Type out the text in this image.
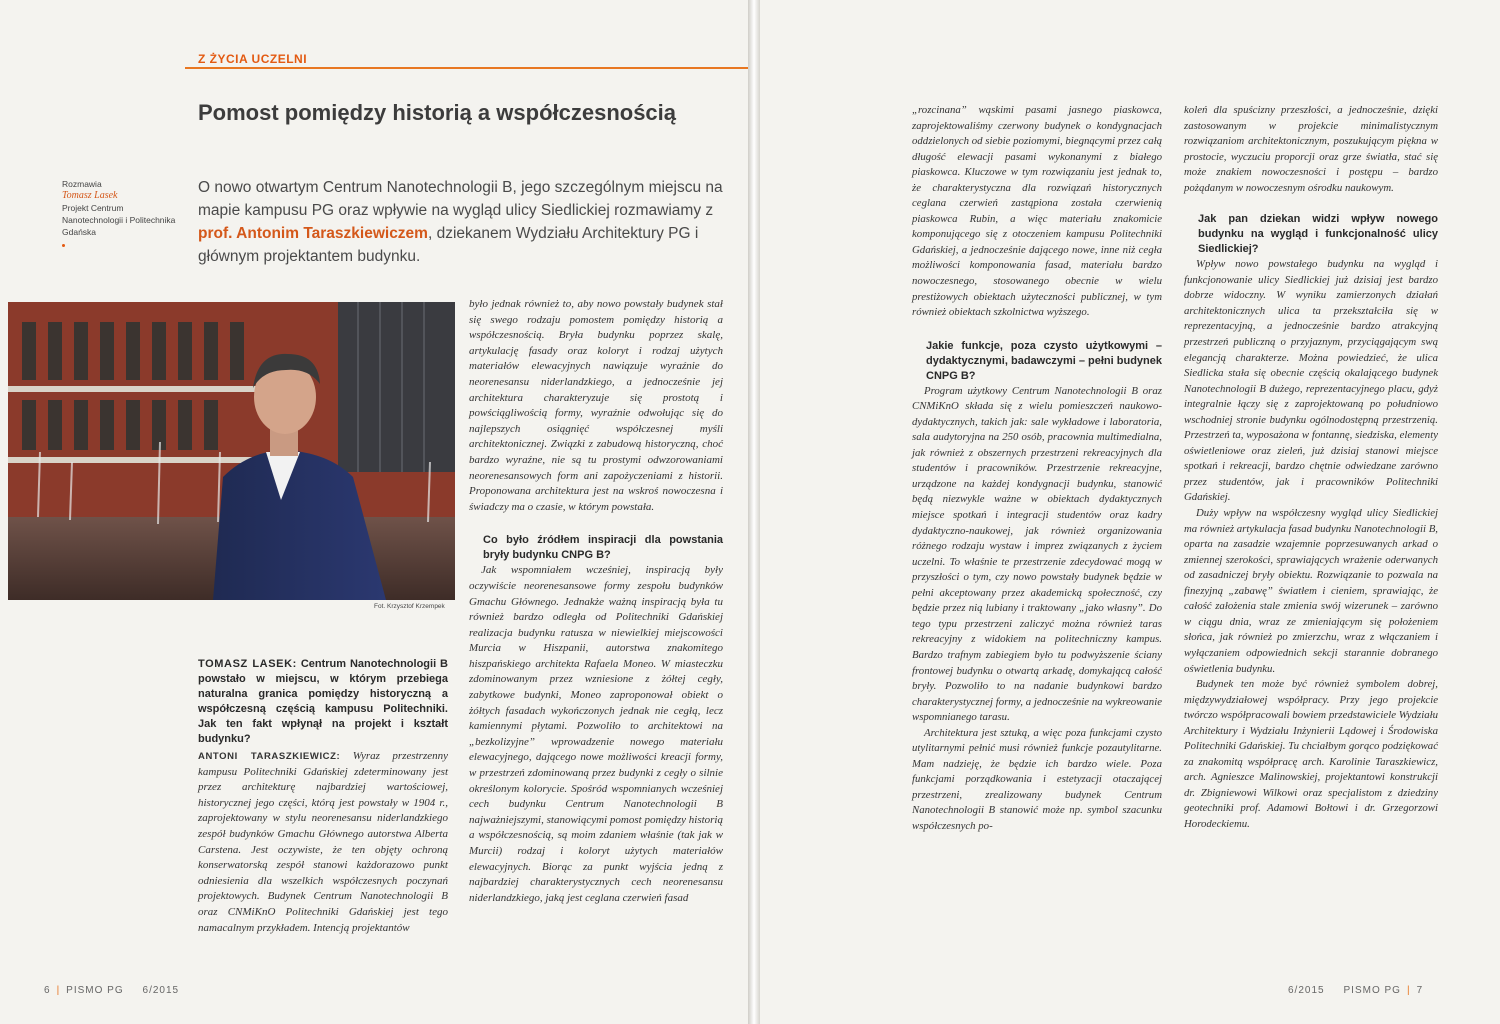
Z ŻYCIA UCZELNI
Pomost pomiędzy historią a współczesnością
Rozmawia
Tomasz Lasek
Projekt Centrum Nanotechnologii i Politechnika Gdańska
O nowo otwartym Centrum Nanotechnologii B, jego szczególnym miejscu na mapie kampusu PG oraz wpływie na wygląd ulicy Siedlickiej rozmawiamy z prof. Antonim Taraszkiewiczem, dziekanem Wydziału Architektury PG i głównym projektantem budynku.
Fot. Krzysztof Krzempek
TOMASZ LASEK: Centrum Nanotechnologii B powstało w miejscu, w którym przebiega naturalna granica pomiędzy historyczną a współczesną częścią kampusu Politechniki. Jak ten fakt wpłynął na projekt i kształt budynku?

ANTONI TARASZKIEWICZ: Wyraz przestrzenny kampusu Politechniki Gdańskiej zdeterminowany jest przez architekturę najbardziej wartościowej, historycznej jego części, którą jest powstały w 1904 r., zaprojektowany w stylu neorenesansu niderlandzkiego zespół budynków Gmachu Głównego autorstwa Alberta Carstenа. Jest oczywiste, że ten objęty ochroną konserwatorską zespół stanowi każdorazowo punkt odniesienia dla wszelkich współczesnych poczynań projektowych. Budynek Centrum Nanotechnologii B oraz CNMiKnO Politechniki Gdańskiej jest tego namacalnym przykładem. Intencją projektantów

było jednak również to, aby nowo powstały budynek stał się swego rodzaju pomostem pomiędzy historią a współczesnością. Bryła budynku poprzez skalę, artykulację fasady oraz koloryt i rodzaj użytych materiałów elewacyjnych nawiązuje wyraźnie do neorenesansu niderlandzkiego, a jednocześnie jej architektura charakteryzuje się prostotą i powściągliwością formy, wyraźnie odwołując się do najlepszych osiągnięć współczesnej myśli architektonicznej. Związki z zabudową historyczną, choć bardzo wyraźne, nie są tu prostymi odwzorowaniami neorenesansowych form ani zapożyczeniami z historii. Proponowana architektura jest na wskroś nowoczesna i świadczy ma o czasie, w którym powstała.

Co było źródłem inspiracji dla powstania bryły budynku CNPG B?

Jak wspomniałem wcześniej, inspiracją były oczywiście neorenesansowe formy zespołu budynków Gmachu Głównego. Jednakże ważną inspiracją była tu również bardzo odległa od Politechniki Gdańskiej realizacja budynku ratusza w niewielkiej miejscowości Murcia w Hiszpanii, autorstwa znakomitego hiszpańskiego architekta Rafaela Moneo. W miasteczku zdominowanym przez wzniesione z żółtej cegły, zabytkowe budynki, Moneo zaproponował obiekt o żółtych fasadach wykończonych jednak nie cegłą, lecz kamiennymi płytami. Pozwoliło to architektowi na „bezkolizyjne” wprowadzenie nowego materiału elewacyjnego, dającego nowe możliwości kreacji formy, w przestrzeń zdominowaną przez budynki z cegły o silnie określonym kolorycie. Spośród wspomnianych wcześniej cech budynku Centrum Nanotechnologii B najważniejszymi, stanowiącymi pomost pomiędzy historią a współczesnością, są moim zdaniem właśnie (tak jak w Murcii) rodzaj i koloryt użytych materiałów elewacyjnych. Biorąc za punkt wyjścia jedną z najbardziej charakterystycznych cech neorenesansu niderlandzkiego, jaką jest ceglana czerwień fasad

6 | PISMO PG 6/2015

„rozcinana” wąskimi pasami jasnego piaskowca, zaprojektowaliśmy czerwony budynek o kondygnacjach oddzielonych od siebie poziomymi, biegnącymi przez całą długość elewacji pasami wykonanymi z białego piaskowca. Kluczowe w tym rozwiązaniu jest jednak to, że charakterystyczna dla rozwiązań historycznych ceglana czerwień zastąpiona została czerwienią piaskowca Rubin, a więc materiału znakomicie komponującego się z otoczeniem kampusu Politechniki Gdańskiej, a jednocześnie dającego nowe, inne niż cegła możliwości komponowania fasad, materiału bardzo nowoczesnego, stosowanego obecnie w wielu prestiżowych obiektach użyteczności publicznej, w tym również obiektach szkolnictwa wyższego.

Jakie funkcje, poza czysto użytkowymi – dydaktycznymi, badawczymi – pełni budynek CNPG B?

Program użytkowy Centrum Nanotechnologii B oraz CNMiKnO składa się z wielu pomieszczeń naukowo-dydaktycznych, takich jak: sale wykładowe i laboratoria, sala audytoryjna na 250 osób, pracownia multimedialna, jak również z obszernych przestrzeni rekreacyjnych dla studentów i pracowników. Przestrzenie rekreacyjne, urządzone na każdej kondygnacji budynku, stanowić będą niezwykle ważne w obiektach dydaktycznych miejsce spotkań i integracji studentów oraz kadry dydaktyczno-naukowej, jak również organizowania różnego rodzaju wystaw i imprez związanych z życiem uczelni. To właśnie te przestrzenie zdecydować mogą w przyszłości o tym, czy nowo powstały budynek będzie w pełni akceptowany przez akademicką społeczność, czy będzie przez nią lubiany i traktowany „jako własny”. Do tego typu przestrzeni zaliczyć można również taras rekreacyjny z widokiem na politechniczny kampus. Bardzo trafnym zabiegiem było tu podwyższenie ściany frontowej budynku o otwartą arkadę, domykającą całość bryły. Pozwoliło to na nadanie budynkowi bardzo charakterystycznej formy, a jednocześnie na wykreowanie wspomnianego tarasu.

Architektura jest sztuką, a więc poza funkcjami czysto utylitarnymi pełnić musi również funkcje pozautylitarne. Mam nadzieję, że będzie ich bardzo wiele. Poza funkcjami porządkowania i estetyzacji otaczającej przestrzeni, zrealizowany budynek Centrum Nanotechnologii B stanowić może np. symbol szacunku współczesnych po-

koleń dla spuścizny przeszłości, a jednocześnie, dzięki zastosowanym w projekcie minimalistycznym rozwiązaniom architektonicznym, poszukującym piękna w prostocie, wyczuciu proporcji oraz grze światła, stać się może znakiem nowoczesności i postępu – bardzo pożądanym w nowoczesnym ośrodku naukowym.

Jak pan dziekan widzi wpływ nowego budynku na wygląd i funkcjonalność ulicy Siedlickiej?

Wpływ nowo powstałego budynku na wygląd i funkcjonowanie ulicy Siedlickiej już dzisiaj jest bardzo dobrze widoczny. W wyniku zamierzonych działań architektonicznych ulica ta przekształciła się w reprezentacyjną, a jednocześnie bardzo atrakcyjną przestrzeń publiczną o przyjaznym, przyciągającym swą elegancją charakterze. Można powiedzieć, że ulica Siedlicka stała się obecnie częścią okalającego budynek Nanotechnologii B dużego, reprezentacyjnego placu, gdyż integralnie łączy się z zaprojektowaną po południowo wschodniej stronie budynku ogólnodostępną przestrzenią. Przestrzeń ta, wyposażona w fontannę, siedziska, elementy oświetleniowe oraz zieleń, już dzisiaj stanowi miejsce spotkań i rekreacji, bardzo chętnie odwiedzane zarówno przez studentów, jak i pracowników Politechniki Gdańskiej.

Duży wpływ na współczesny wygląd ulicy Siedlickiej ma również artykulacja fasad budynku Nanotechnologii B, oparta na zasadzie wzajemnie poprzesuwanych arkad o zmiennej szerokości, sprawiających wrażenie oderwanych od zasadniczej bryły obiektu. Rozwiązanie to pozwala na finezyjną „zabawę” światłem i cieniem, sprawiając, że całość założenia stale zmienia swój wizerunek – zarówno w ciągu dnia, wraz ze zmieniającym się położeniem słońca, jak również po zmierzchu, wraz z włączaniem i wyłączaniem odpowiednich sekcji starannie dobranego oświetlenia budynku.

Budynek ten może być również symbolem dobrej, międzywydziałowej współpracy. Przy jego projekcie twórczo współpracowali bowiem przedstawiciele Wydziału Architektury i Wydziału Inżynierii Lądowej i Środowiska Politechniki Gdańskiej. Tu chciałbym gorąco podziękować za znakomitą współpracę arch. Karolinie Taraszkiewicz, arch. Agnieszce Malinowskiej, projektantowi konstrukcji dr. Zbigniewowi Wilkowi oraz specjalistom z dziedziny geotechniki prof. Adamowi Bołtowi i dr. Grzegorzowi Horodeckiemu.

6/2015 PISMO PG | 7
